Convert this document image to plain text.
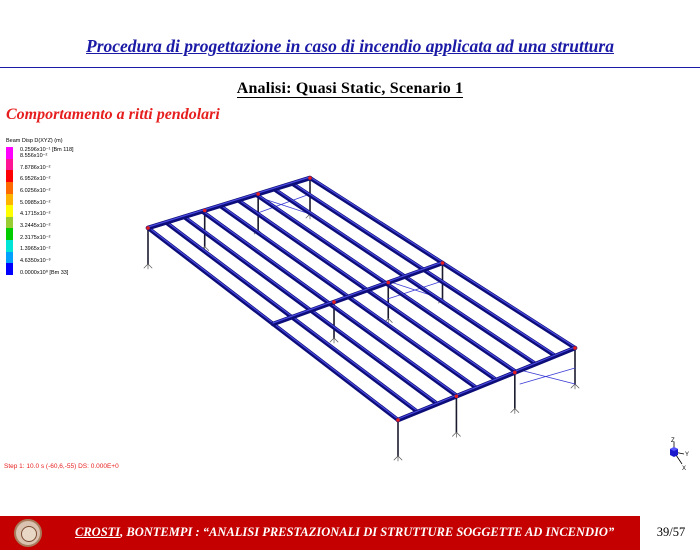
Procedura di progettazione in caso di incendio applicata ad una struttura
Analisi: Quasi Static, Scenario 1
Comportamento a ritti pendolari
Beam Disp D(XYZ) (m)
0.2596x10⁻¹ [Bm 118]
8.556x10⁻²
7.8786x10⁻²
6.9526x10⁻²
6.0256x10⁻²
5.0985x10⁻²
4.1715x10⁻²
3.2445x10⁻²
2.3175x10⁻²
1.3965x10⁻²
4.6350x10⁻³
0.0000x10⁰ [Bm 33]
Step 1: 10.0 s (-60,6,-55) DS: 0.000E+0
Z
Y
X
CROSTI, BONTEMPI : “ANALISI PRESTAZIONALI DI STRUTTURE SOGGETTE AD INCENDIO”	39/57
